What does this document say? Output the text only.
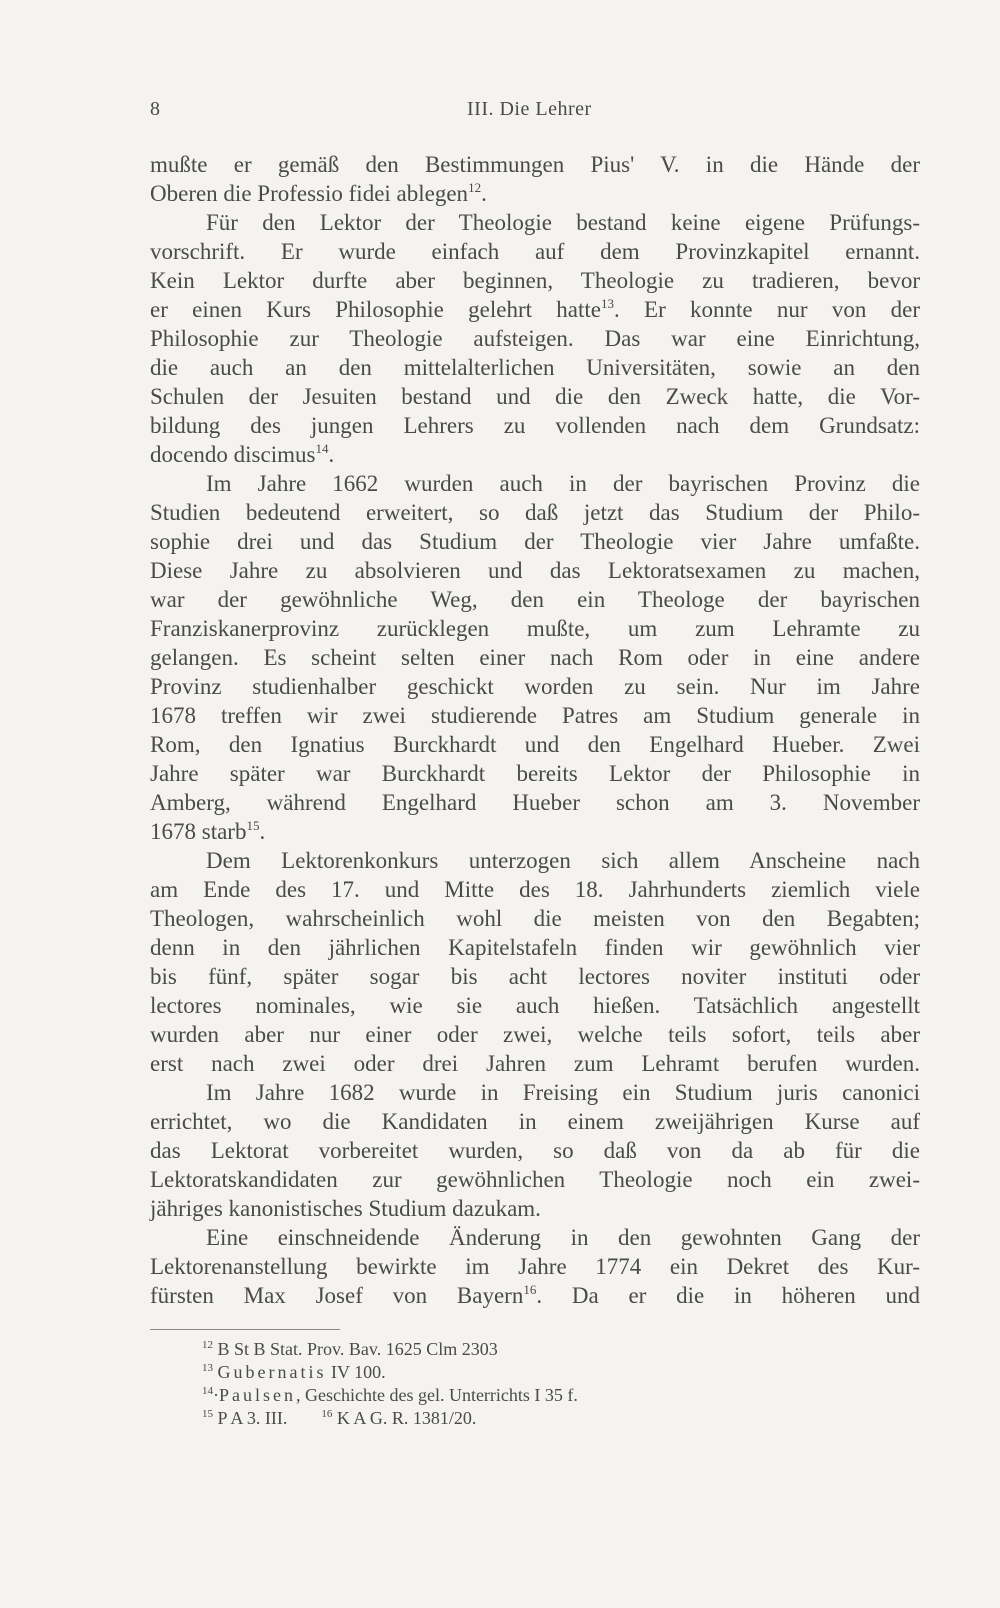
8	III. Die Lehrer
mußte er gemäß den Bestimmungen Pius' V. in die Hände der
Oberen die Professio fidei ablegen$^{12}$.
Für den Lektor der Theologie bestand keine eigene Prüfungs-
vorschrift. Er wurde einfach auf dem Provinzkapitel ernannt.
Kein Lektor durfte aber beginnen, Theologie zu tradieren, bevor
er einen Kurs Philosophie gelehrt hatte$^{13}$. Er konnte nur von der
Philosophie zur Theologie aufsteigen. Das war eine Einrichtung,
die auch an den mittelalterlichen Universitäten, sowie an den
Schulen der Jesuiten bestand und die den Zweck hatte, die Vor-
bildung des jungen Lehrers zu vollenden nach dem Grundsatz:
docendo discimus$^{14}$.
Im Jahre 1662 wurden auch in der bayrischen Provinz die
Studien bedeutend erweitert, so daß jetzt das Studium der Philo-
sophie drei und das Studium der Theologie vier Jahre umfaßte.
Diese Jahre zu absolvieren und das Lektoratsexamen zu machen,
war der gewöhnliche Weg, den ein Theologe der bayrischen
Franziskanerprovinz zurücklegen mußte, um zum Lehramte zu
gelangen. Es scheint selten einer nach Rom oder in eine andere
Provinz studienhalber geschickt worden zu sein. Nur im Jahre
1678 treffen wir zwei studierende Patres am Studium generale in
Rom, den Ignatius Burckhardt und den Engelhard Hueber. Zwei
Jahre später war Burckhardt bereits Lektor der Philosophie in
Amberg, während Engelhard Hueber schon am 3. November
1678 starb$^{15}$.
Dem Lektorenkonkurs unterzogen sich allem Anscheine nach
am Ende des 17. und Mitte des 18. Jahrhunderts ziemlich viele
Theologen, wahrscheinlich wohl die meisten von den Begabten;
denn in den jährlichen Kapitelstafeln finden wir gewöhnlich vier
bis fünf, später sogar bis acht lectores noviter instituti oder
lectores nominales, wie sie auch hießen. Tatsächlich angestellt
wurden aber nur einer oder zwei, welche teils sofort, teils aber
erst nach zwei oder drei Jahren zum Lehramt berufen wurden.
Im Jahre 1682 wurde in Freising ein Studium juris canonici
errichtet, wo die Kandidaten in einem zweijährigen Kurse auf
das Lektorat vorbereitet wurden, so daß von da ab für die
Lektoratskandidaten zur gewöhnlichen Theologie noch ein zwei-
jähriges kanonistisches Studium dazukam.
Eine einschneidende Änderung in den gewohnten Gang der
Lektorenanstellung bewirkte im Jahre 1774 ein Dekret des Kur-
fürsten Max Josef von Bayern$^{16}$. Da er die in höheren und
$^{12}$ B St B Stat. Prov. Bav. 1625 Clm 2303
$^{13}$ Gubernatis IV 100.
$^{14}$·Paulsen, Geschichte des gel. Unterrichts I 35 f.
$^{15}$ P A 3. III.	$^{16}$ K A G. R. 1381/20.
